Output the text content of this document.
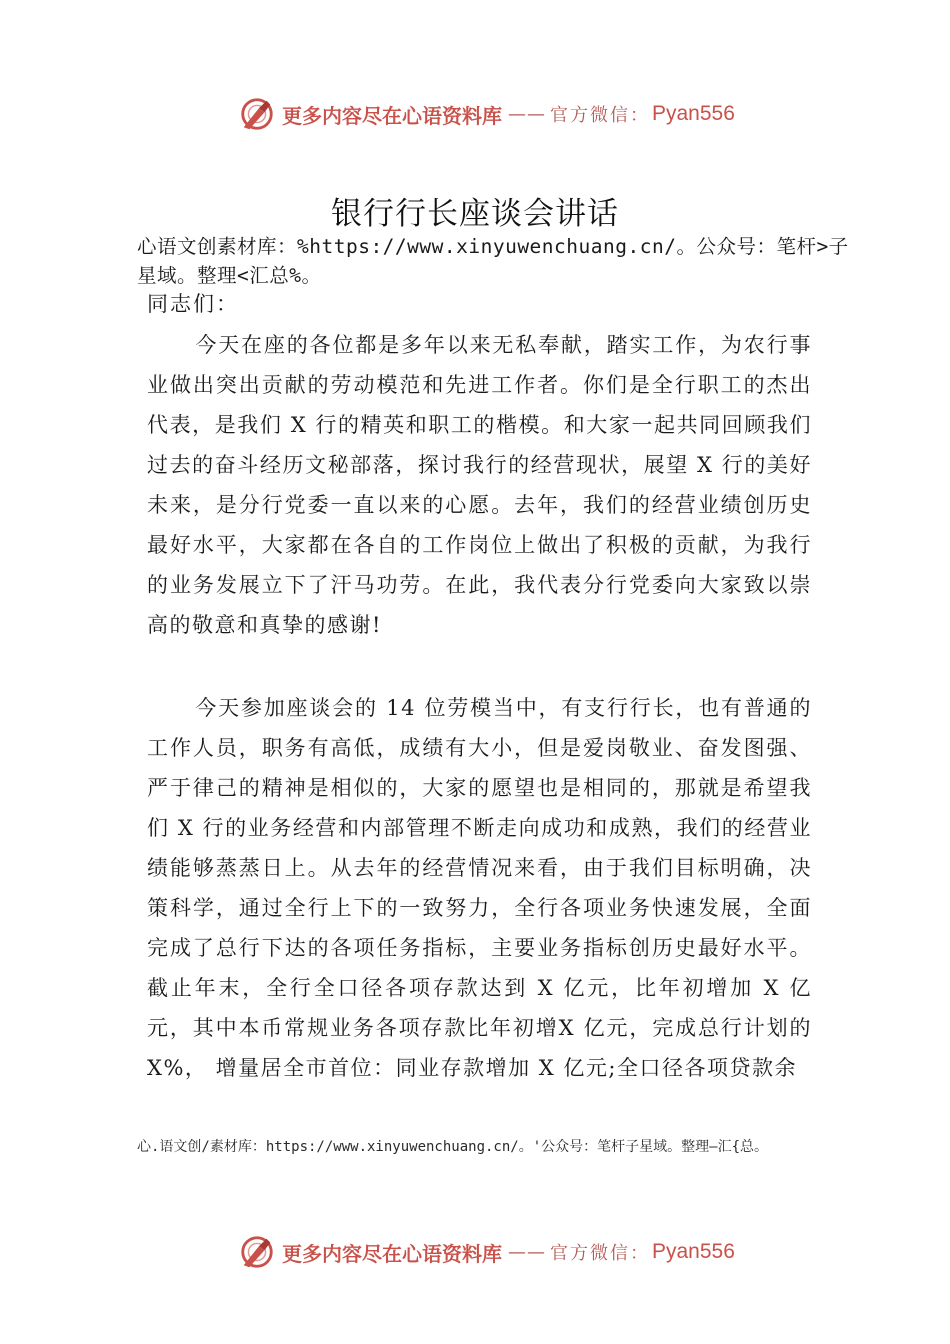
更多内容尽在心语资料库 —— 官方微信： Pyan556
银行行长座谈会讲话
心语文创素材库：%https://www.xinyuwenchuang.cn/。公众号：笔杆>子星域。整理<汇总%。
同志们：
今天在座的各位都是多年以来无私奉献，踏实工作，为农行事业做出突出贡献的劳动模范和先进工作者。你们是全行职工的杰出代表，是我们 X 行的精英和职工的楷模。和大家一起共同回顾我们过去的奋斗经历文秘部落，探讨我行的经营现状，展望 X 行的美好未来，是分行党委一直以来的心愿。去年，我们的经营业绩创历史最好水平，大家都在各自的工作岗位上做出了积极的贡献，为我行的业务发展立下了汗马功劳。在此，我代表分行党委向大家致以崇高的敬意和真挚的感谢!
今天参加座谈会的 14 位劳模当中，有支行行长，也有普通的工作人员，职务有高低，成绩有大小，但是爱岗敬业、奋发图强、严于律己的精神是相似的，大家的愿望也是相同的，那就是希望我们 X 行的业务经营和内部管理不断走向成功和成熟，我们的经营业绩能够蒸蒸日上。从去年的经营情况来看，由于我们目标明确，决策科学，通过全行上下的一致努力，全行各项业务快速发展，全面完成了总行下达的各项任务指标，主要业务指标创历史最好水平。截止年末，全行全口径各项存款达到 X 亿元，比年初增加 X 亿元，其中本币常规业务各项存款比年初增X 亿元，完成总行计划的 X%， 增量居全市首位：同业存款增加 X 亿元;全口径各项贷款余
心.语文创/素材库：https://www.xinyuwenchuang.cn/。'公众号：笔杆子星域。整理—汇{总。
更多内容尽在心语资料库 —— 官方微信： Pyan556
